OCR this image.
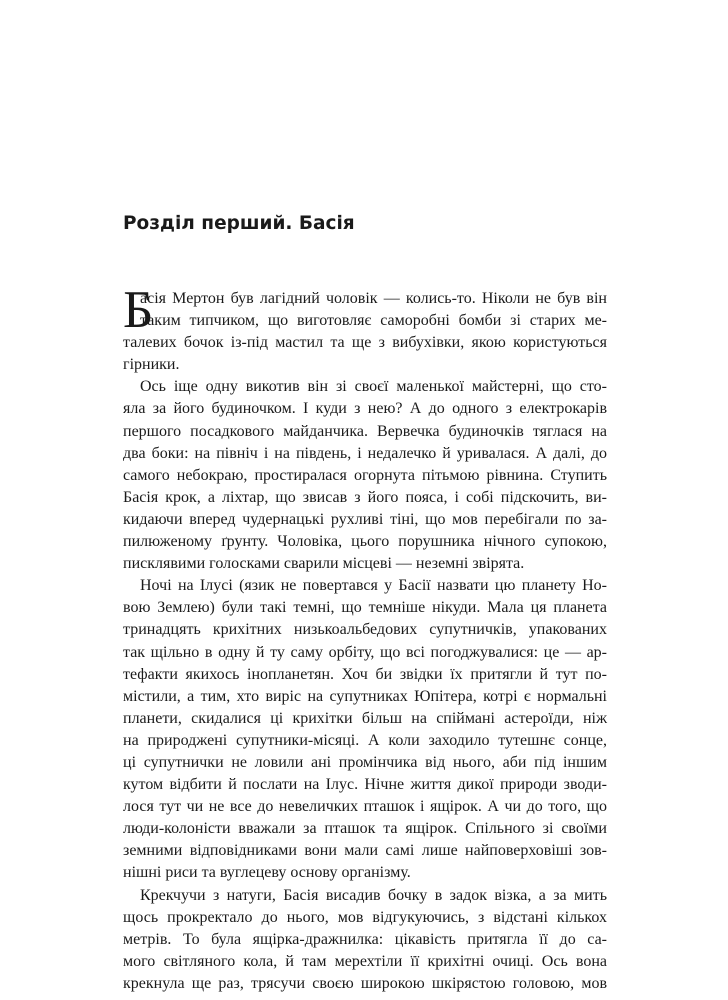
Розділ перший. Басія
Б
асія Мертон був лагідний чоловік — колись-то. Ніколи не був він
таким типчиком, що виготовляє саморобні бомби зі старих ме-
талевих бочок із-під мастил та ще з вибухівки, якою користуються
гірники.
Ось іще одну викотив він зі своєї маленької майстерні, що сто-
яла за його будиночком. І куди з нею? А до одного з електрокарів
першого посадкового майданчика. Вервечка будиночків тяглася на
два боки: на північ і на південь, і недалечко й уривалася. А далі, до
самого небокраю, простиралася огорнута пітьмою рівнина. Ступить
Басія крок, а ліхтар, що звисав з його пояса, і собі підскочить, ви-
кидаючи вперед чудернацькі рухливі тіні, що мов перебігали по за-
пилюженому ґрунту. Чоловіка, цього порушника нічного супокою,
писклявими голосками сварили місцеві — неземні звірята.
Ночі на Ілусі (язик не повертався у Басії назвати цю планету Но-
вою Землею) були такі темні, що темніше нікуди. Мала ця планета
тринадцять крихітних низькоальбедових супутничків, упакованих
так щільно в одну й ту саму орбіту, що всі погоджувалися: це — ар-
тефакти якихось інопланетян. Хоч би звідки їх притягли й тут по-
містили, а тим, хто виріс на супутниках Юпітера, котрі є нормальні
планети, скидалися ці крихітки більш на спіймані астероїди, ніж
на природжені супутники-місяці. А коли заходило тутешнє сонце,
ці супутнички не ловили ані промінчика від нього, аби під іншим
кутом відбити й послати на Ілус. Нічне життя дикої природи зводи-
лося тут чи не все до невеличких пташок і ящірок. А чи до того, що
люди-колоністи вважали за пташок та ящірок. Спільного зі своїми
земними відповідниками вони мали самі лише найповерховіші зов-
нішні риси та вуглецеву основу організму.
Крекчучи з натуги, Басія висадив бочку в задок візка, а за мить
щось прокректало до нього, мов відгукуючись, з відстані кількох
метрів. То була ящірка-дражнилка: цікавість притягла її до са-
мого світляного кола, й там мерехтіли її крихітні очиці. Ось вона
крекнула ще раз, трясучи своєю широкою шкірястою головою, мов
